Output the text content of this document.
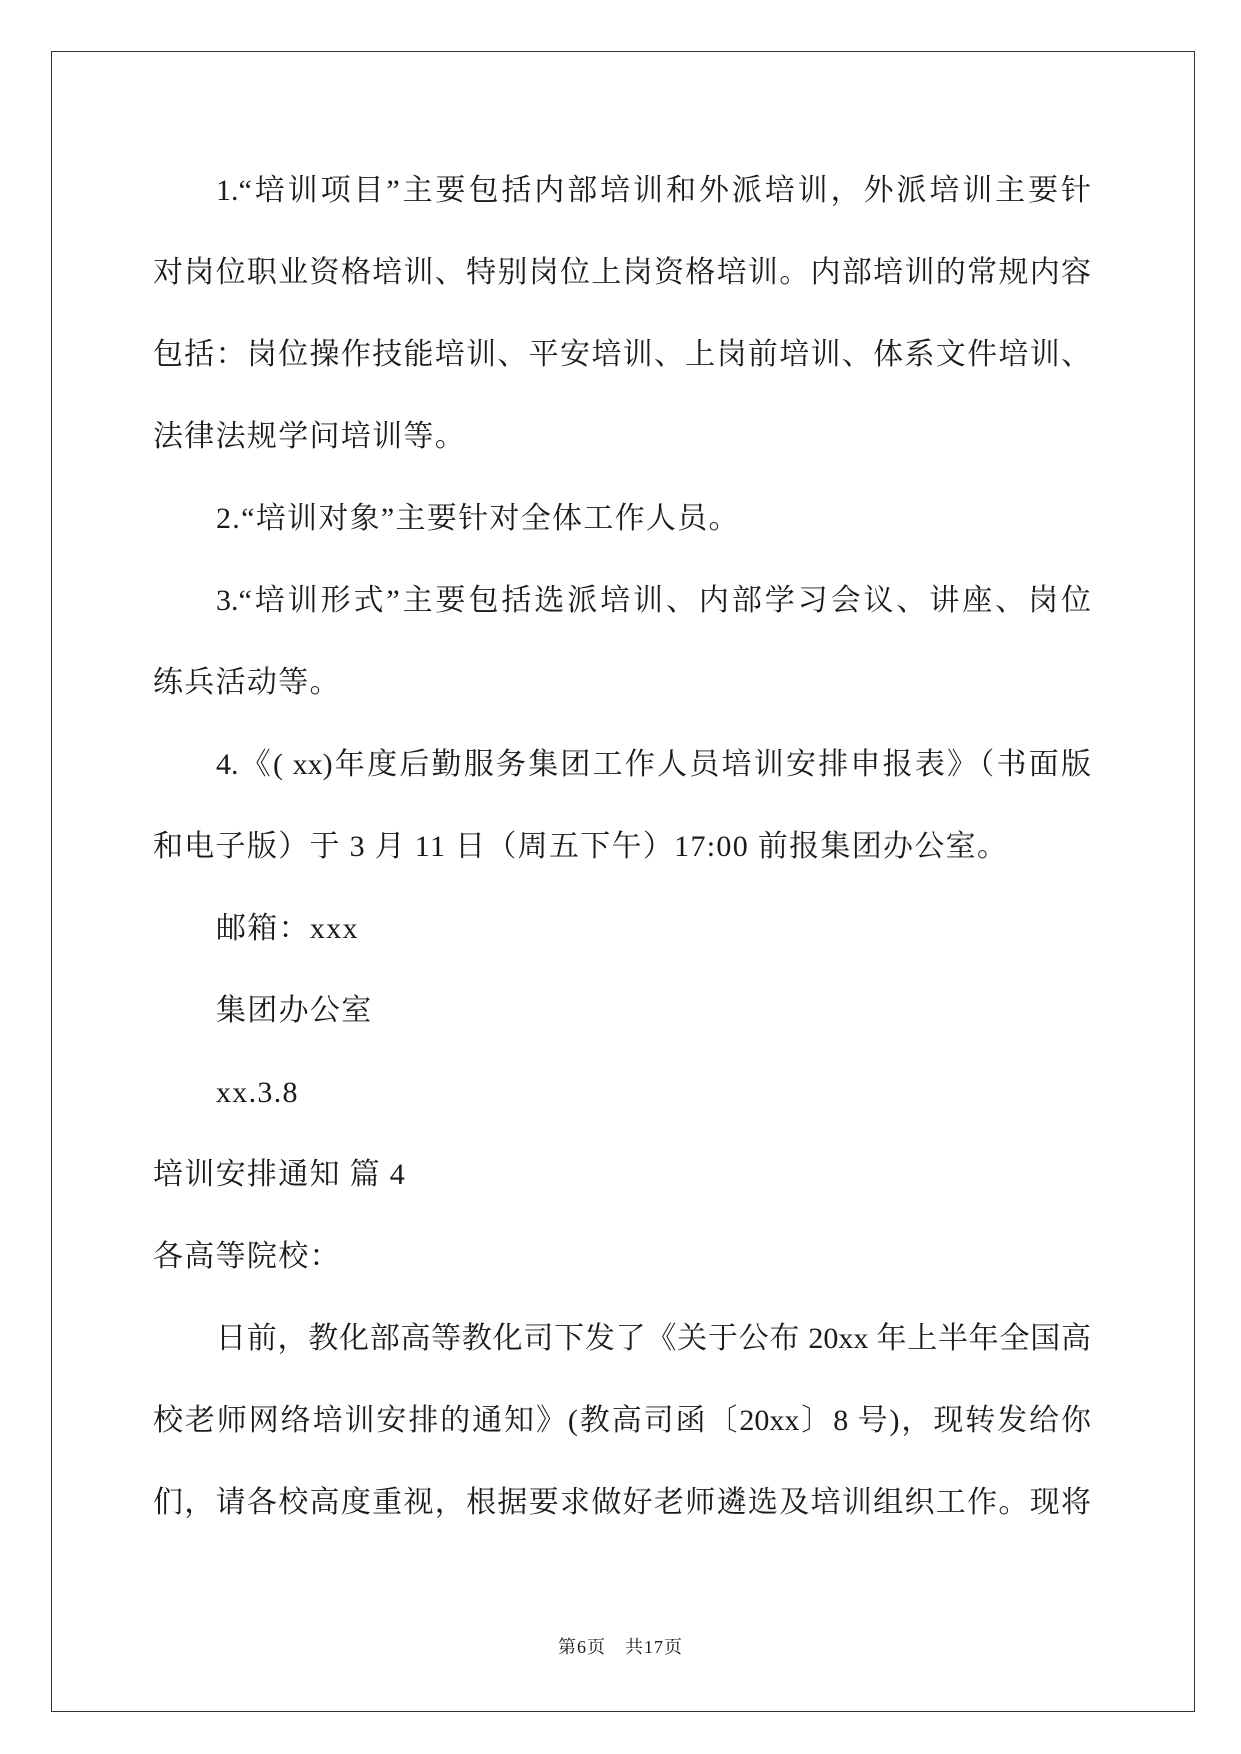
1.“培训项目”主要包括内部培训和外派培训，外派培训主要针
对岗位职业资格培训、特别岗位上岗资格培训。内部培训的常规内容
包括：岗位操作技能培训、平安培训、上岗前培训、体系文件培训、
法律法规学问培训等。
2.“培训对象”主要针对全体工作人员。
3.“培训形式”主要包括选派培训、内部学习会议、讲座、岗位
练兵活动等。
4.《( xx)年度后勤服务集团工作人员培训安排申报表》（书面版
和电子版）于 3 月 11 日（周五下午）17:00 前报集团办公室。
邮箱：xxx
集团办公室
xx.3.8
培训安排通知 篇 4
各高等院校：
日前，教化部高等教化司下发了《关于公布 20xx 年上半年全国高
校老师网络培训安排的通知》(教高司函〔20xx〕8 号)，现转发给你
们，请各校高度重视，根据要求做好老师遴选及培训组织工作。现将
第6页　共17页
